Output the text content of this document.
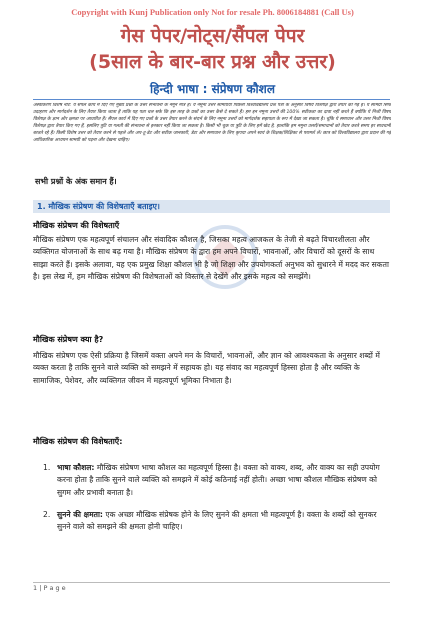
Copyright with Kunj Publication only Not for resale Ph. 8006184881 (Call Us)
गेस पेपर/नोट्स/सैंपल पेपर
(5साल के बार-बार प्रश्न और उत्तर)
हिन्दी भाषा : संप्रेषण कौशल

अस्वीकरण विशेष नोट: ये सैंपल कार्य में दिए गए मुख्य प्रश्नों के उत्तर संभावना के नमूने मात्र हैं। ये नमूना उत्तर सामग्रियां पिछली विश्वविद्यालय प्रश्न पत्रों के अनुसार विषय विशेषज्ञ द्वारा तैयार की गई हैं। ये सामग्री सिर्फ उदाहरण और मार्गदर्शन के लिए तैयार किया जाता है ताकि यह पता चल सके कि इस तरह के प्रश्नों का उत्तर कैसे दे सकते हैं। हम इन नमूना उत्तरों की 100% सटीकता का दावा नहीं करते हैं क्योंकि ये निजी विषय विशेषज्ञ के ज्ञान और क्षमता पर आधारित हैं। सैंपल कार्य में दिए गए प्रश्नों के उत्तर तैयार करने के संदर्भ के लिए नमूना उत्तरों को मार्गदर्शक सहायता के रूप में देखा जा सकता है। चूंकि ये समाधान और उत्तर निजी विषय विशेषज्ञ द्वारा तैयार किए गए हैं, इसलिए त्रुटि या गलती की संभावना से इनकार नहीं किया जा सकता है। किसी भी चूक या त्रुटि के लिए हमें खेद है, हालांकि हम नमूना उत्तरों/समाधानों को तैयार करते समय हर सावधानी बरतते रहे हैं। किसी विशेष उत्तर को तैयार करने से पहले और अप-टू-डेट और सटीक जानकारी, डेटा और समाधान के लिए कृपया अपने स्वयं के शिक्षक/शिक्षिका से परामर्श लें। छात्र को विश्वविद्यालय द्वारा प्रदान की गई आधिकारिक अध्ययन सामग्री को पढ़ना और देखना चाहिए।

सभी प्रश्नों के अंक समान हैं।
1. मौखिक संप्रेषण की विशेषताएँ बताइए।
मौखिक संप्रेषण की विशेषताएँ

मौखिक संप्रेषण एक महत्वपूर्ण संचालन और संवादिक कौशल है, जिसका महत्व आजकल के तेजी से बढ़ते विचारशीलता और व्यक्तिगत योजनाओं के साथ बढ़ गया है। मौखिक संप्रेषण के द्वारा हम अपने विचारों, भावनाओं, और विचारों को दूसरों के साथ साझा करते हैं। इसके अलावा, यह एक प्रमुख शिक्षा कौशल भी है जो शिक्षा और उपयोगकर्ता अनुभव को सुधारने में मदद कर सकता है। इस लेख में, हम मौखिक संप्रेषण की विशेषताओं को विस्तार से देखेंगे और इसके महत्व को समझेंगे।

मौखिक संप्रेषण क्या है?

मौखिक संप्रेषण एक ऐसी प्रक्रिया है जिसमें वक्ता अपने मन के विचारों, भावनाओं, और ज्ञान को आवश्यकता के अनुसार शब्दों में व्यक्त करता है ताकि सुनने वाले व्यक्ति को समझने में सहायक हो। यह संवाद का महत्वपूर्ण हिस्सा होता है और व्यक्ति के सामाजिक, पेशेवर, और व्यक्तिगत जीवन में महत्वपूर्ण भूमिका निभाता है।

मौखिक संप्रेषण की विशेषताएँ:
1. भाषा कौशल: मौखिक संप्रेषण भाषा कौशल का महत्वपूर्ण हिस्सा है। वक्ता को वाक्य, शब्द, और वाक्य का सही उपयोग करना होता है ताकि सुनने वाले व्यक्ति को समझने में कोई कठिनाई नहीं होती। अच्छा भाषा कौशल मौखिक संप्रेषण को सुगम और प्रभावी बनाता है।
2. सुनने की क्षमता: एक अच्छा मौखिक संप्रेषक होने के लिए सुनने की क्षमता भी महत्वपूर्ण है। वक्ता के शब्दों को सुनकर सुनने वाले को समझने की क्षमता होनी चाहिए।
1 | P a g e
